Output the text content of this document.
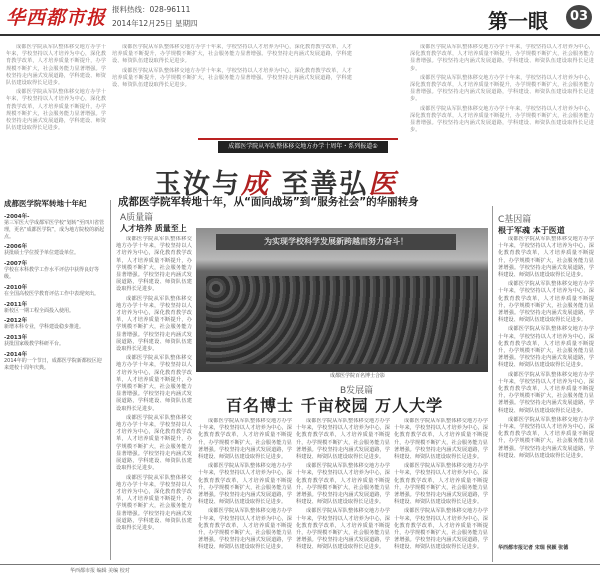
华西都市报 报料热线：028-96111
2014年12月25日 星期四	第一眼	03

成都医学院从军队整体移交地方办学十年来，学校坚持以人才培养为中心，深化教育教学改革，人才培养质量不断提升，办学规模不断扩大，社会服务能力显著增强。学校坚持走内涵式发展道路，学科建设、师资队伍建设取得长足进步。

成都医学院从军队整体移交地方办学十年来，学校坚持以人才培养为中心，深化教育教学改革，人才培养质量不断提升，办学规模不断扩大，社会服务能力显著增强。学校坚持走内涵式发展道路，学科建设、师资队伍建设取得长足进步。

成都医学院从军队整体移交地方办学十年来，学校坚持以人才培养为中心，深化教育教学改革，人才培养质量不断提升，办学规模不断扩大，社会服务能力显著增强。学校坚持走内涵式发展道路，学科建设、师资队伍建设取得长足进步。

成都医学院从军队整体移交地方办学十年来，学校坚持以人才培养为中心，深化教育教学改革，人才培养质量不断提升，办学规模不断扩大，社会服务能力显著增强。学校坚持走内涵式发展道路，学科建设、师资队伍建设取得长足进步。

成都医学院从军队整体移交地方办学十年来，学校坚持以人才培养为中心，深化教育教学改革，人才培养质量不断提升，办学规模不断扩大，社会服务能力显著增强。学校坚持走内涵式发展道路，学科建设、师资队伍建设取得长足进步。

成都医学院从军队整体移交地方办学十年来，学校坚持以人才培养为中心，深化教育教学改革，人才培养质量不断提升，办学规模不断扩大，社会服务能力显著增强。学校坚持走内涵式发展道路，学科建设、师资队伍建设取得长足进步。

成都医学院从军队整体移交地方办学十年来，学校坚持以人才培养为中心，深化教育教学改革，人才培养质量不断提升，办学规模不断扩大，社会服务能力显著增强。学校坚持走内涵式发展道路，学科建设、师资队伍建设取得长足进步。

成都医学院从军队整体移交地方办学十周年・系列报道①
玉汝与成 至善弘医
成都医学院军转地十年，从“面向战场”到“服务社会”的华丽转身
成都医学院军转地十年纪
-2004年-
第三军医大学成都军医学校“划转”至四川省管理，更名“成都医学院”，成为地方院校的新起点。
-2006年
获批硕士学位授予单位建设单位。
-2007年
学校在本科教学工作水平评估中获得良好等级。
-2010年
在全国高校医学教育评估工作中表现突出。
-2011年
新校区一期工程全面投入使用。
-2012年
新增本科专业，学科建设稳步推进。
-2013年
获批国家级教学科研平台。
-2014年
2014年的一个节日，成都医学院新都校区迎来建校十周年庆典。
A质量篇
人才培养 质量至上

成都医学院从军队整体移交地方办学十年来，学校坚持以人才培养为中心，深化教育教学改革，人才培养质量不断提升，办学规模不断扩大，社会服务能力显著增强。学校坚持走内涵式发展道路，学科建设、师资队伍建设取得长足进步。

成都医学院从军队整体移交地方办学十年来，学校坚持以人才培养为中心，深化教育教学改革，人才培养质量不断提升，办学规模不断扩大，社会服务能力显著增强。学校坚持走内涵式发展道路，学科建设、师资队伍建设取得长足进步。

成都医学院从军队整体移交地方办学十年来，学校坚持以人才培养为中心，深化教育教学改革，人才培养质量不断提升，办学规模不断扩大，社会服务能力显著增强。学校坚持走内涵式发展道路，学科建设、师资队伍建设取得长足进步。

成都医学院从军队整体移交地方办学十年来，学校坚持以人才培养为中心，深化教育教学改革，人才培养质量不断提升，办学规模不断扩大，社会服务能力显著增强。学校坚持走内涵式发展道路，学科建设、师资队伍建设取得长足进步。

成都医学院从军队整体移交地方办学十年来，学校坚持以人才培养为中心，深化教育教学改革，人才培养质量不断提升，办学规模不断扩大，社会服务能力显著增强。学校坚持走内涵式发展道路，学科建设、师资队伍建设取得长足进步。

为实现学校科学发展新跨越而努力奋斗！
成都医学院百名博士合影
B发展篇
百名博士 千亩校园 万人大学

成都医学院从军队整体移交地方办学十年来，学校坚持以人才培养为中心，深化教育教学改革，人才培养质量不断提升，办学规模不断扩大，社会服务能力显著增强。学校坚持走内涵式发展道路，学科建设、师资队伍建设取得长足进步。

成都医学院从军队整体移交地方办学十年来，学校坚持以人才培养为中心，深化教育教学改革，人才培养质量不断提升，办学规模不断扩大，社会服务能力显著增强。学校坚持走内涵式发展道路，学科建设、师资队伍建设取得长足进步。

成都医学院从军队整体移交地方办学十年来，学校坚持以人才培养为中心，深化教育教学改革，人才培养质量不断提升，办学规模不断扩大，社会服务能力显著增强。学校坚持走内涵式发展道路，学科建设、师资队伍建设取得长足进步。

成都医学院从军队整体移交地方办学十年来，学校坚持以人才培养为中心，深化教育教学改革，人才培养质量不断提升，办学规模不断扩大，社会服务能力显著增强。学校坚持走内涵式发展道路，学科建设、师资队伍建设取得长足进步。

成都医学院从军队整体移交地方办学十年来，学校坚持以人才培养为中心，深化教育教学改革，人才培养质量不断提升，办学规模不断扩大，社会服务能力显著增强。学校坚持走内涵式发展道路，学科建设、师资队伍建设取得长足进步。

成都医学院从军队整体移交地方办学十年来，学校坚持以人才培养为中心，深化教育教学改革，人才培养质量不断提升，办学规模不断扩大，社会服务能力显著增强。学校坚持走内涵式发展道路，学科建设、师资队伍建设取得长足进步。

成都医学院从军队整体移交地方办学十年来，学校坚持以人才培养为中心，深化教育教学改革，人才培养质量不断提升，办学规模不断扩大，社会服务能力显著增强。学校坚持走内涵式发展道路，学科建设、师资队伍建设取得长足进步。

成都医学院从军队整体移交地方办学十年来，学校坚持以人才培养为中心，深化教育教学改革，人才培养质量不断提升，办学规模不断扩大，社会服务能力显著增强。学校坚持走内涵式发展道路，学科建设、师资队伍建设取得长足进步。

成都医学院从军队整体移交地方办学十年来，学校坚持以人才培养为中心，深化教育教学改革，人才培养质量不断提升，办学规模不断扩大，社会服务能力显著增强。学校坚持走内涵式发展道路，学科建设、师资队伍建设取得长足进步。

C基因篇
根于军魂 本于医道

成都医学院从军队整体移交地方办学十年来，学校坚持以人才培养为中心，深化教育教学改革，人才培养质量不断提升，办学规模不断扩大，社会服务能力显著增强。学校坚持走内涵式发展道路，学科建设、师资队伍建设取得长足进步。

成都医学院从军队整体移交地方办学十年来，学校坚持以人才培养为中心，深化教育教学改革，人才培养质量不断提升，办学规模不断扩大，社会服务能力显著增强。学校坚持走内涵式发展道路，学科建设、师资队伍建设取得长足进步。

成都医学院从军队整体移交地方办学十年来，学校坚持以人才培养为中心，深化教育教学改革，人才培养质量不断提升，办学规模不断扩大，社会服务能力显著增强。学校坚持走内涵式发展道路，学科建设、师资队伍建设取得长足进步。

成都医学院从军队整体移交地方办学十年来，学校坚持以人才培养为中心，深化教育教学改革，人才培养质量不断提升，办学规模不断扩大，社会服务能力显著增强。学校坚持走内涵式发展道路，学科建设、师资队伍建设取得长足进步。

成都医学院从军队整体移交地方办学十年来，学校坚持以人才培养为中心，深化教育教学改革，人才培养质量不断提升，办学规模不断扩大，社会服务能力显著增强。学校坚持走内涵式发展道路，学科建设、师资队伍建设取得长足进步。

华西都市报记者 宋瑞 侯颖 张德
华西都市报 编辑 美编 校对
